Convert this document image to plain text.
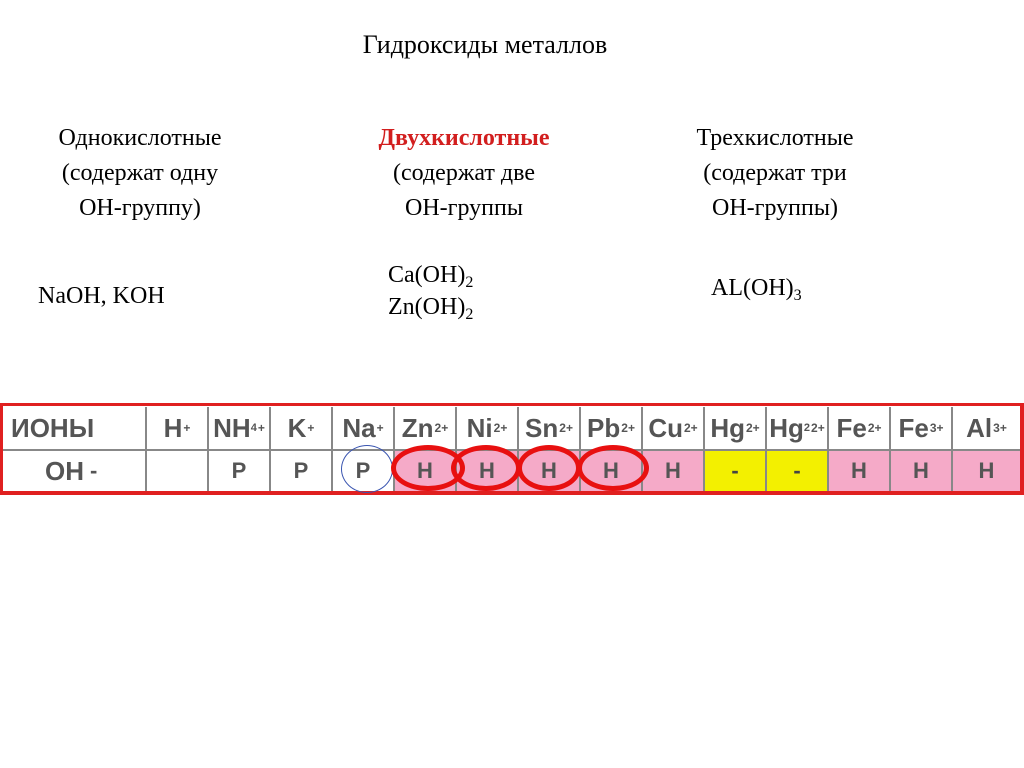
Гидроксиды металлов
Однокислотные
(содержат одну
ОН-группу)
Двухкислотные
(содержат две
ОН-группы
Трехкислотные
(содержат три
ОН-группы)
NaOH, KOH
$Ca(OH)_2$
$Zn(OH)_2$
$AL(OH)_3$
ИОНЫ	H + NH 4 + K + Na + Zn 2+ Ni 2+ Sn 2+ Pb 2+ Cu 2+ Hg 2+ Hg 2 2+ Fe 2+ Fe 3+ Al 3+
ОН -	Р Р Р Н Н Н Н Н - - Н Н Н
